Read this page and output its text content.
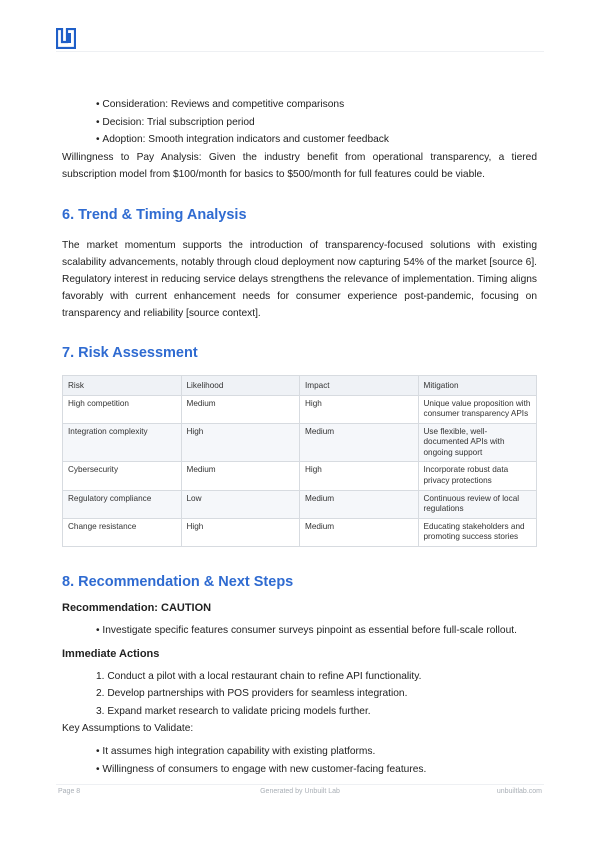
• Consideration: Reviews and competitive comparisons
• Decision: Trial subscription period
• Adoption: Smooth integration indicators and customer feedback

Willingness to Pay Analysis: Given the industry benefit from operational transparency, a tiered subscription model from $100/month for basics to $500/month for full features could be viable.

6. Trend & Timing Analysis

The market momentum supports the introduction of transparency-focused solutions with existing scalability advancements, notably through cloud deployment now capturing 54% of the market [source 6]. Regulatory interest in reducing service delays strengthens the relevance of implementation. Timing aligns favorably with current enhancement needs for consumer experience post-pandemic, focusing on transparency and reliability [source context].

7. Risk Assessment
Risk	Likelihood	Impact	Mitigation
High competition	Medium	High	Unique value proposition with consumer transparency APIs
Integration complexity	High	Medium	Use flexible, well-documented APIs with ongoing support
Cybersecurity	Medium	High	Incorporate robust data privacy protections
Regulatory compliance	Low	Medium	Continuous review of local regulations
Change resistance	High	Medium	Educating stakeholders and promoting success stories
8. Recommendation & Next Steps
Recommendation: CAUTION
• Investigate specific features consumer surveys pinpoint as essential before full-scale rollout.
Immediate Actions
1. Conduct a pilot with a local restaurant chain to refine API functionality.
2. Develop partnerships with POS providers for seamless integration.
3. Expand market research to validate pricing models further.

Key Assumptions to Validate:

• It assumes high integration capability with existing platforms.
• Willingness of consumers to engage with new customer-facing features.
Page 8	Generated by Unbuilt Lab	unbuiltlab.com
